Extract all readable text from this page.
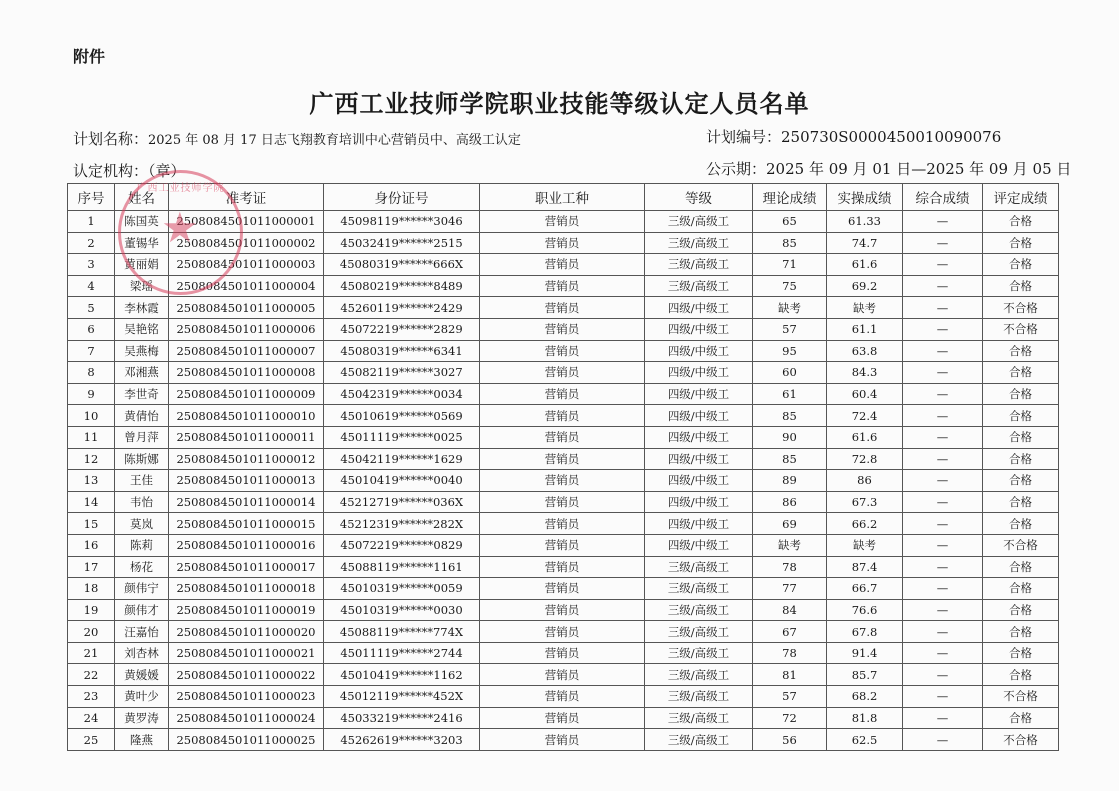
附件
广西工业技师学院职业技能等级认定人员名单
计划名称：2025 年 08 月 17 日志飞翔教育培训中心营销员中、高级工认定	计划编号：250730S0000450010090076
认定机构：（章）	公示期：2025 年 09 月 01 日—2025 年 09 月 05 日
序号	姓名	准考证	身份证号	职业工种	等级	理论成绩	实操成绩	综合成绩	评定成绩
1	陈国英	2508084501011000001	45098119******3046	营销员	三级/高级工	65	61.33	—	合格
2	董锡华	2508084501011000002	45032419******2515	营销员	三级/高级工	85	74.7	—	合格
3	黄丽娟	2508084501011000003	45080319******666X	营销员	三级/高级工	71	61.6	—	合格
4	梁瑶	2508084501011000004	45080219******8489	营销员	三级/高级工	75	69.2	—	合格
5	李林霞	2508084501011000005	45260119******2429	营销员	四级/中级工	缺考	缺考	—	不合格
6	吴艳铭	2508084501011000006	45072219******2829	营销员	四级/中级工	57	61.1	—	不合格
7	吴燕梅	2508084501011000007	45080319******6341	营销员	四级/中级工	95	63.8	—	合格
8	邓湘燕	2508084501011000008	45082119******3027	营销员	四级/中级工	60	84.3	—	合格
9	李世奇	2508084501011000009	45042319******0034	营销员	四级/中级工	61	60.4	—	合格
10	黄倩怡	2508084501011000010	45010619******0569	营销员	四级/中级工	85	72.4	—	合格
11	曾月萍	2508084501011000011	45011119******0025	营销员	四级/中级工	90	61.6	—	合格
12	陈斯娜	2508084501011000012	45042119******1629	营销员	四级/中级工	85	72.8	—	合格
13	王佳	2508084501011000013	45010419******0040	营销员	四级/中级工	89	86	—	合格
14	韦怡	2508084501011000014	45212719******036X	营销员	四级/中级工	86	67.3	—	合格
15	莫岚	2508084501011000015	45212319******282X	营销员	四级/中级工	69	66.2	—	合格
16	陈莉	2508084501011000016	45072219******0829	营销员	四级/中级工	缺考	缺考	—	不合格
17	杨花	2508084501011000017	45088119******1161	营销员	三级/高级工	78	87.4	—	合格
18	颜伟宁	2508084501011000018	45010319******0059	营销员	三级/高级工	77	66.7	—	合格
19	颜伟才	2508084501011000019	45010319******0030	营销员	三级/高级工	84	76.6	—	合格
20	汪嘉怡	2508084501011000020	45088119******774X	营销员	三级/高级工	67	67.8	—	合格
21	刘杏林	2508084501011000021	45011119******2744	营销员	三级/高级工	78	91.4	—	合格
22	黄媛媛	2508084501011000022	45010419******1162	营销员	三级/高级工	81	85.7	—	合格
23	黄叶少	2508084501011000023	45012119******452X	营销员	三级/高级工	57	68.2	—	不合格
24	黄罗涛	2508084501011000024	45033219******2416	营销员	三级/高级工	72	81.8	—	合格
25	隆燕	2508084501011000025	45262619******3203	营销员	三级/高级工	56	62.5	—	不合格
广西工业技师学院
★
